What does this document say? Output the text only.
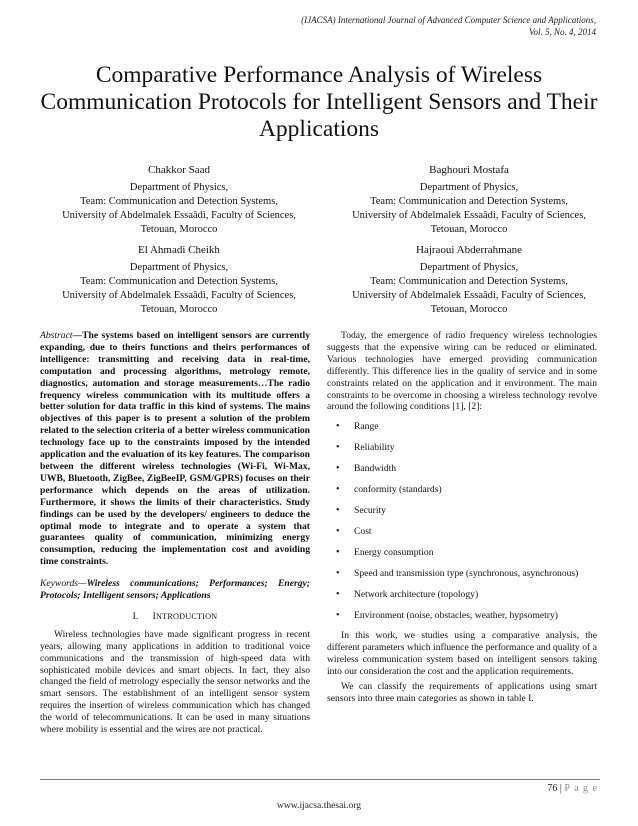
(IJACSA) International Journal of Advanced Computer Science and Applications,
Vol. 5, No. 4, 2014
Comparative Performance Analysis of Wireless Communication Protocols for Intelligent Sensors and Their Applications
Chakkor Saad
Department of Physics,
Team: Communication and Detection Systems,
University of Abdelmalek Essaâdi, Faculty of Sciences,
Tetouan, Morocco
Baghouri Mostafa
Department of Physics,
Team: Communication and Detection Systems,
University of Abdelmalek Essaâdi, Faculty of Sciences,
Tetouan, Morocco
El Ahmadi Cheikh
Department of Physics,
Team: Communication and Detection Systems,
University of Abdelmalek Essaâdi, Faculty of Sciences,
Tetouan, Morocco
Hajraoui Abderrahmane
Department of Physics,
Team: Communication and Detection Systems,
University of Abdelmalek Essaâdi, Faculty of Sciences,
Tetouan, Morocco

Abstract—The systems based on intelligent sensors are currently expanding, due to theirs functions and theirs performances of intelligence: transmitting and receiving data in real-time, computation and processing algorithms, metrology remote, diagnostics, automation and storage measurements…The radio frequency wireless communication with its multitude offers a better solution for data traffic in this kind of systems. The mains objectives of this paper is to present a solution of the problem related to the selection criteria of a better wireless communication technology face up to the constraints imposed by the intended application and the evaluation of its key features. The comparison between the different wireless technologies (Wi-Fi, Wi-Max, UWB, Bluetooth, ZigBee, ZigBeeIP, GSM/GPRS) focuses on their performance which depends on the areas of utilization. Furthermore, it shows the limits of their characteristics. Study findings can be used by the developers/ engineers to deduce the optimal mode to integrate and to operate a system that guarantees quality of communication, minimizing energy consumption, reducing the implementation cost and avoiding time constraints.

Keywords—Wireless communications; Performances; Energy; Protocols; Intelligent sensors; Applications

I. INTRODUCTION

Wireless technologies have made significant progress in recent years, allowing many applications in addition to traditional voice communications and the transmission of high-speed data with sophisticated mobile devices and smart objects. In fact, they also changed the field of metrology especially the sensor networks and the smart sensors. The establishment of an intelligent sensor system requires the insertion of wireless communication which has changed the world of telecommunications. It can be used in many situations where mobility is essential and the wires are not practical.

Today, the emergence of radio frequency wireless technologies suggests that the expensive wiring can be reduced or eliminated. Various technologies have emerged providing communication differently. This difference lies in the quality of service and in some constraints related on the application and it environment. The main constraints to be overcome in choosing a wireless technology revolve around the following conditions [1], [2]:

• Range
• Reliability
• Bandwidth
• conformity (standards)
• Security
• Cost
• Energy consumption
• Speed and transmission type (synchronous, asynchronous)
• Network architecture (topology)
• Environment (noise, obstacles, weather, hypsometry)

In this work, we studies using a comparative analysis, the different parameters which influence the performance and quality of a wireless communication system based on intelligent sensors taking into our consideration the cost and the application requirements.

We can classify the requirements of applications using smart sensors into three main categories as shown in table I.

76 | P a g e
www.ijacsa.thesai.org
